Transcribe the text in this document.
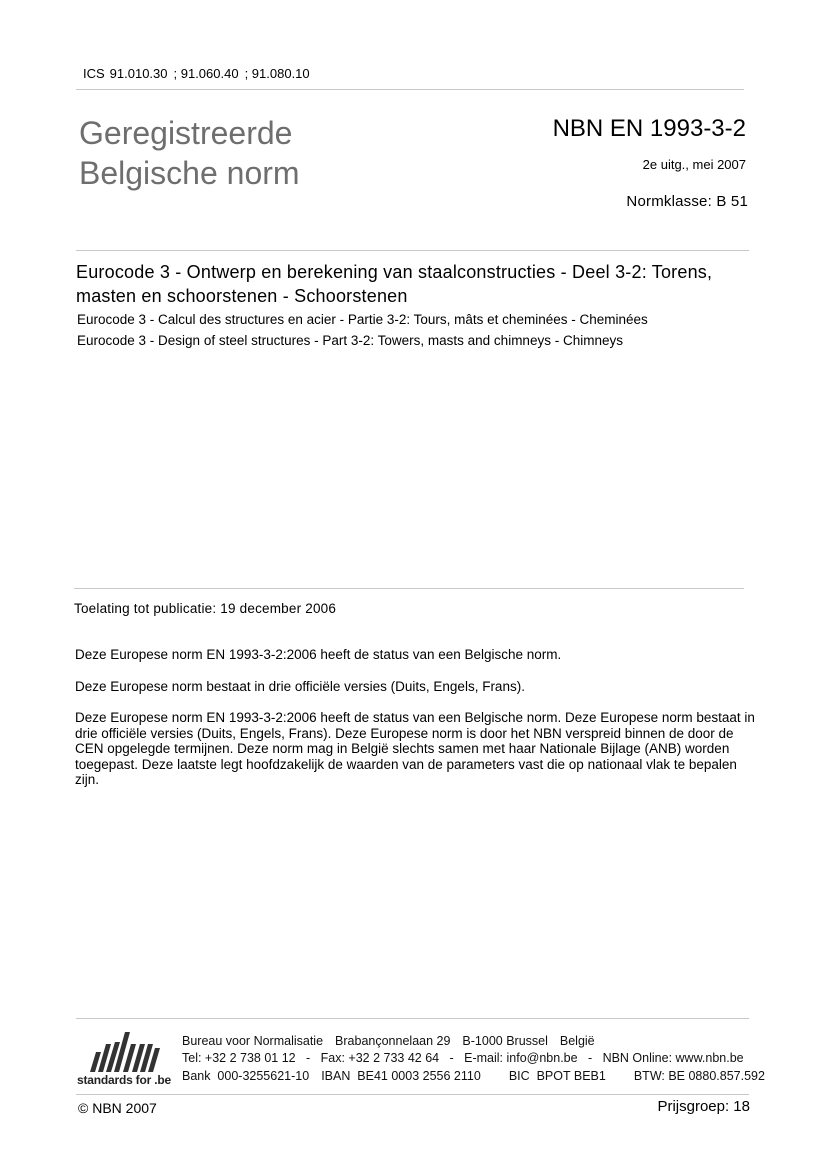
ICS 91.010.30 ; 91.060.40 ; 91.080.10
Geregistreerde
Belgische norm
NBN EN 1993-3-2
2e uitg., mei 2007
Normklasse: B 51
Eurocode 3 - Ontwerp en berekening van staalconstructies - Deel 3-2: Torens, masten en schoorstenen - Schoorstenen
Eurocode 3 - Calcul des structures en acier - Partie 3-2: Tours, mâts et cheminées - Cheminées
Eurocode 3 - Design of steel structures - Part 3-2: Towers, masts and chimneys - Chimneys
Toelating tot publicatie: 19 december 2006
Deze Europese norm EN 1993-3-2:2006 heeft de status van een Belgische norm.
Deze Europese norm bestaat in drie officiële versies (Duits, Engels, Frans).
Deze Europese norm EN 1993-3-2:2006 heeft de status van een Belgische norm. Deze Europese norm bestaat in drie officiële versies (Duits, Engels, Frans). Deze Europese norm is door het NBN verspreid binnen de door de CEN opgelegde termijnen. Deze norm mag in België slechts samen met haar Nationale Bijlage (ANB) worden toegepast. Deze laatste legt hoofdzakelijk de waarden van de parameters vast die op nationaal vlak te bepalen zijn.
standards for .be
Bureau voor Normalisatie Brabançonnelaan 29 B-1000 Brussel België
Tel: +32 2 738 01 12   -   Fax: +32 2 733 42 64   -   E-mail: info@nbn.be   -   NBN Online: www.nbn.be
Bank  000-3255621-10 IBAN  BE41 0003 2556 2110 BIC  BPOT BEB1 BTW: BE 0880.857.592
© NBN 2007	Prijsgroep: 18
